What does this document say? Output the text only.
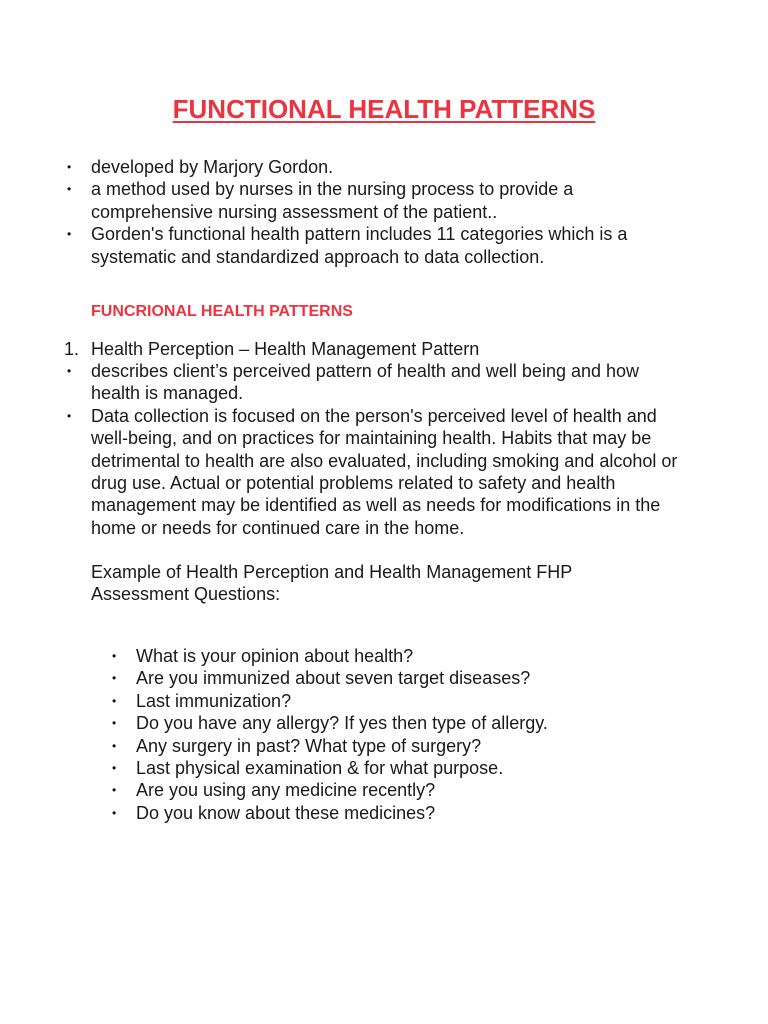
FUNCTIONAL HEALTH PATTERNS
• developed by Marjory Gordon.
• a method used by nurses in the nursing process to provide a comprehensive nursing assessment of the patient..
• Gorden's functional health pattern includes 11 categories which is a systematic and standardized approach to data collection.
FUNCRIONAL HEALTH PATTERNS

1. Health Perception – Health Management Pattern

• describes client’s perceived pattern of health and well being and how health is managed.
• Data collection is focused on the person's perceived level of health and well-being, and on practices for maintaining health. Habits that may be detrimental to health are also evaluated, including smoking and alcohol or drug use. Actual or potential problems related to safety and health management may be identified as well as needs for modifications in the home or needs for continued care in the home.

Example of Health Perception and Health Management FHP Assessment Questions:

• What is your opinion about health?
• Are you immunized about seven target diseases?
• Last immunization?
• Do you have any allergy? If yes then type of allergy.
• Any surgery in past? What type of surgery?
• Last physical examination & for what purpose.
• Are you using any medicine recently?
• Do you know about these medicines?
